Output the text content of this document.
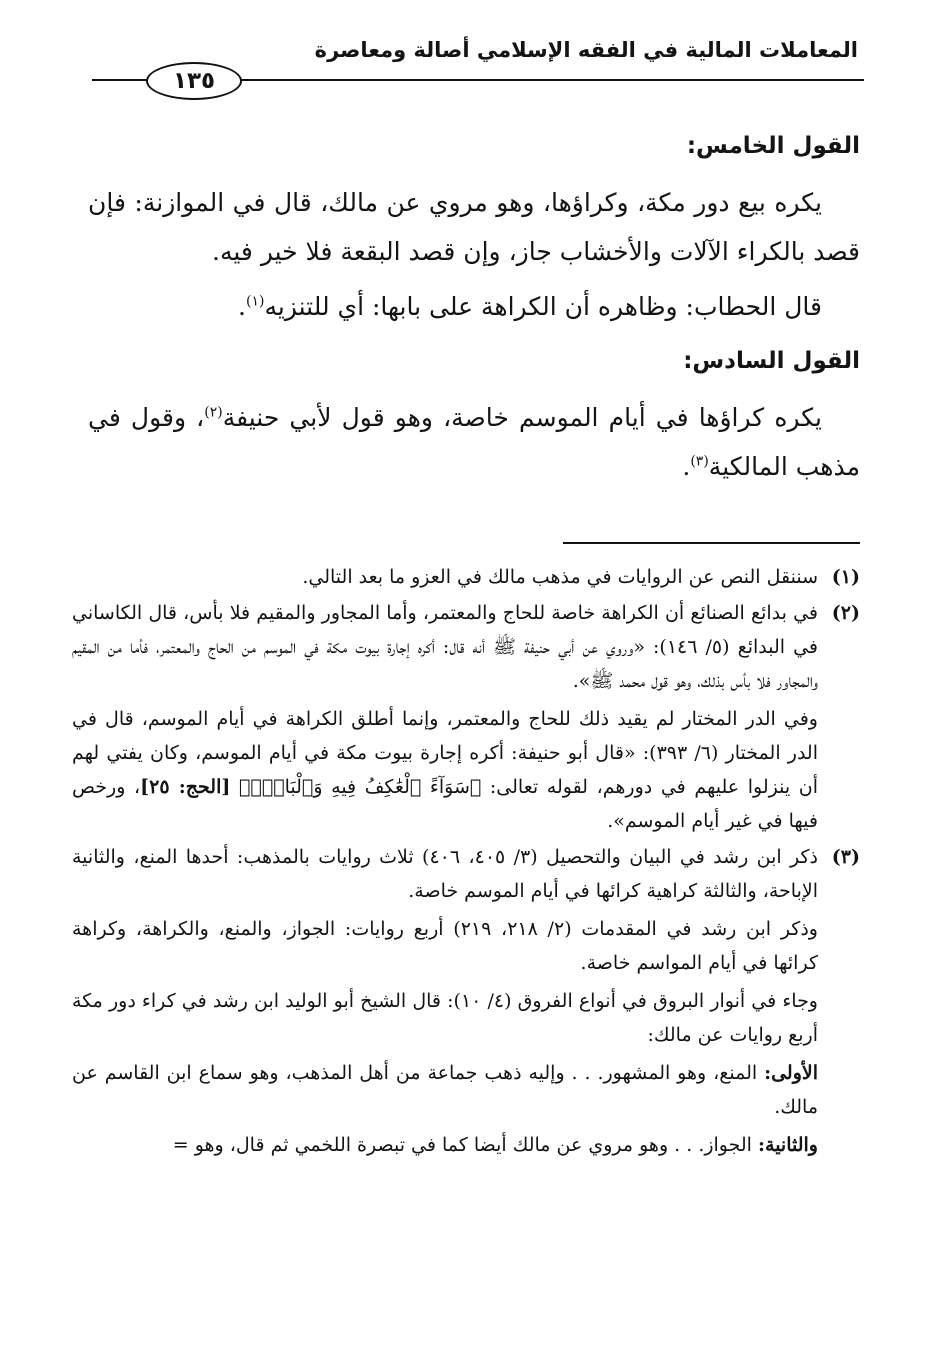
المعاملات المالية في الفقه الإسلامي أصالة ومعاصرة
١٣٥

القول الخامس:

يكره بيع دور مكة، وكراؤها، وهو مروي عن مالك، قال في الموازنة: فإن قصد بالكراء الآلات والأخشاب جاز، وإن قصد البقعة فلا خير فيه.

قال الحطاب: وظاهره أن الكراهة على بابها: أي للتنزيه$^{(١)}$.

القول السادس:

يكره كراؤها في أيام الموسم خاصة، وهو قول لأبي حنيفة$^{(٢)}$، وقول في مذهب المالكية$^{(٣)}$.

(١)

سننقل النص عن الروايات في مذهب مالك في العزو ما بعد التالي.

(٢)

في بدائع الصنائع أن الكراهة خاصة للحاج والمعتمر، وأما المجاور والمقيم فلا بأس، قال الكاساني في البدائع (٥/ ١٤٦): «وروي عن أبي حنيفة ﷺ أنه قال: أكره إجارة بيوت مكة في الموسم من الحاج والمعتمر، فأما من المقيم والمجاور فلا بأس بذلك، وهو قول محمد ﷺ».

وفي الدر المختار لم يقيد ذلك للحاج والمعتمر، وإنما أطلق الكراهة في أيام الموسم، قال في الدر المختار (٦/ ٣٩٣): «قال أبو حنيفة: أكره إجارة بيوت مكة في أيام الموسم، وكان يفتي لهم أن ينزلوا عليهم في دورهم، لقوله تعالى: ﴿سَوَآءً ٱلْعَٰكِفُ فِيهِ وَٱلْبَادِۚ﴾ [الحج: ٢٥]، ورخص فيها في غير أيام الموسم».

(٣)

ذكر ابن رشد في البيان والتحصيل (٣/ ٤٠٥، ٤٠٦) ثلاث روايات بالمذهب: أحدها المنع، والثانية الإباحة، والثالثة كراهية كرائها في أيام الموسم خاصة.

وذكر ابن رشد في المقدمات (٢/ ٢١٨، ٢١٩) أربع روايات: الجواز، والمنع، والكراهة، وكراهة كرائها في أيام المواسم خاصة.

وجاء في أنوار البروق في أنواع الفروق (٤/ ١٠): قال الشيخ أبو الوليد ابن رشد في كراء دور مكة أربع روايات عن مالك:

الأولى: المنع، وهو المشهور. . . وإليه ذهب جماعة من أهل المذهب، وهو سماع ابن القاسم عن مالك.

والثانية: الجواز. . . وهو مروي عن مالك أيضا كما في تبصرة اللخمي ثم قال، وهو =
